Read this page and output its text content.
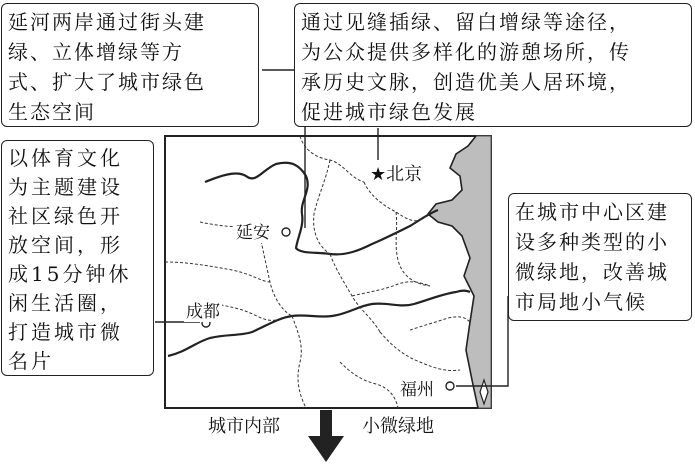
★北京
延安
成都
福州
延河两岸通过街头建
绿、立体增绿等方
式、扩大了城市绿色
生态空间
通过见缝插绿、留白增绿等途径，
为公众提供多样化的游憩场所，传
承历史文脉，创造优美人居环境，
促进城市绿色发展
以体育文化
为主题建设
社区绿色开
放空间，形
成15分钟休
闲生活圈，
打造城市微
名片
在城市中心区建
设多种类型的小
微绿地，改善城
市局地小气候
城市内部	小微绿地
